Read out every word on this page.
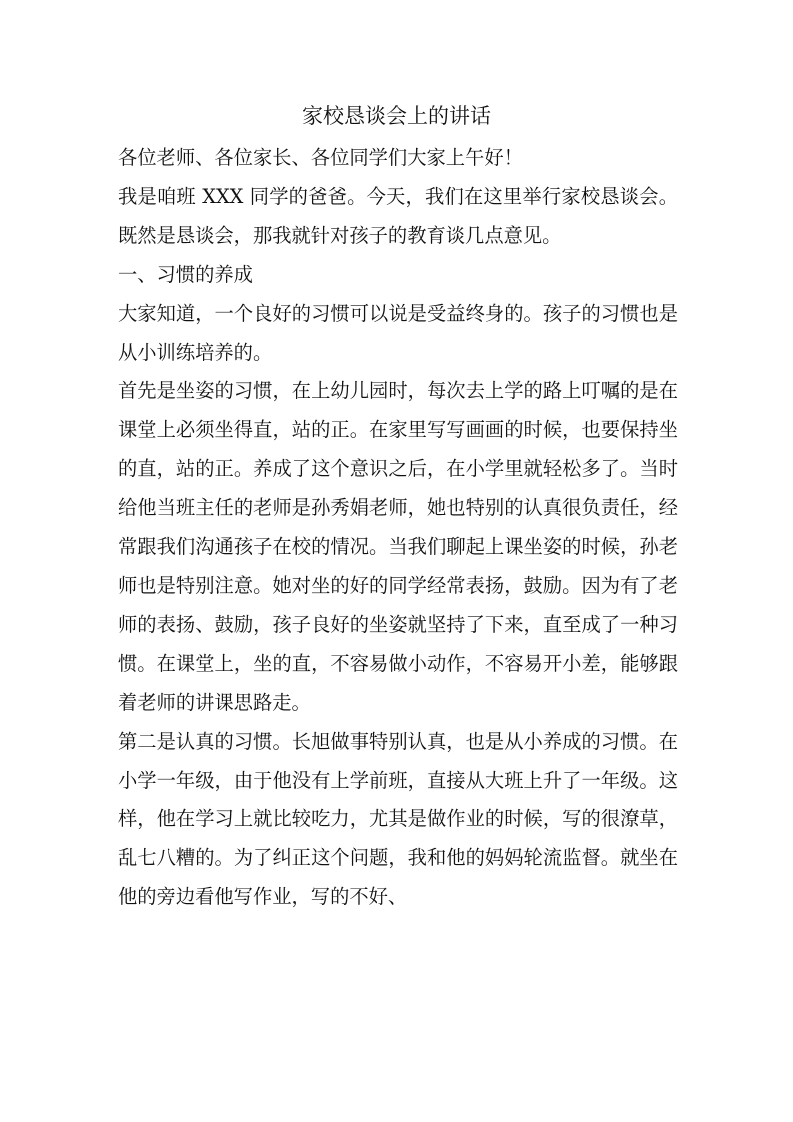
家校恳谈会上的讲话

各位老师、各位家长、各位同学们大家上午好！

我是咱班 XXX 同学的爸爸。今天，我们在这里举行家校恳谈会。既然是恳谈会，那我就针对孩子的教育谈几点意见。

一、习惯的养成

大家知道，一个良好的习惯可以说是受益终身的。孩子的习惯也是从小训练培养的。

首先是坐姿的习惯，在上幼儿园时，每次去上学的路上叮嘱的是在课堂上必须坐得直，站的正。在家里写写画画的时候，也要保持坐的直，站的正。养成了这个意识之后，在小学里就轻松多了。当时给他当班主任的老师是孙秀娟老师，她也特别的认真很负责任，经常跟我们沟通孩子在校的情况。当我们聊起上课坐姿的时候，孙老师也是特别注意。她对坐的好的同学经常表扬，鼓励。因为有了老师的表扬、鼓励，孩子良好的坐姿就坚持了下来，直至成了一种习惯。在课堂上，坐的直，不容易做小动作，不容易开小差，能够跟着老师的讲课思路走。

第二是认真的习惯。长旭做事特别认真，也是从小养成的习惯。在小学一年级，由于他没有上学前班，直接从大班上升了一年级。这样，他在学习上就比较吃力，尤其是做作业的时候，写的很潦草，乱七八糟的。为了纠正这个问题，我和他的妈妈轮流监督。就坐在他的旁边看他写作业，写的不好、
